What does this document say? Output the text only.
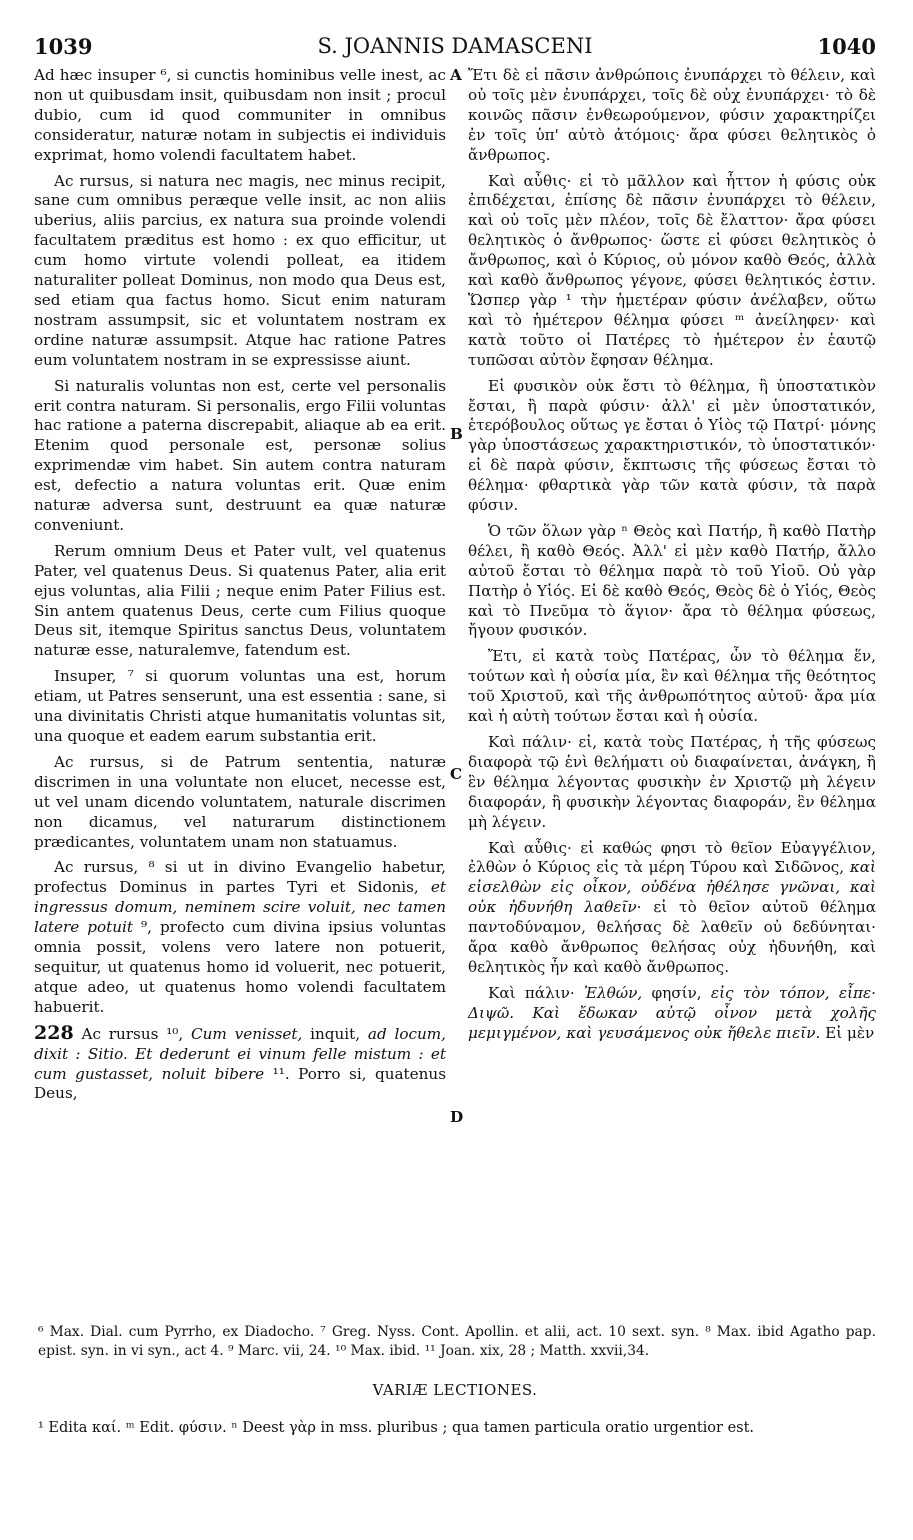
1039	S. JOANNIS DAMASCENI	1040

Ad hæc insuper ⁶, si cunctis hominibus velle inest, ac non ut quibusdam insit, quibusdam non insit ; procul dubio, cum id quod communiter in omnibus consideratur, naturæ notam in subjectis ei individuis exprimat, homo volendi facultatem habet.

Ac rursus, si natura nec magis, nec minus recipit, sane cum omnibus peræque velle insit, ac non aliis uberius, aliis parcius, ex natura sua proinde volendi facultatem præditus est homo : ex quo efficitur, ut cum homo virtute volendi polleat, ea itidem naturaliter polleat Dominus, non modo qua Deus est, sed etiam qua factus homo. Sicut enim naturam nostram assumpsit, sic et voluntatem nostram ex ordine naturæ assumpsit. Atque hac ratione Patres eum voluntatem nostram in se expressisse aiunt.

Si naturalis voluntas non est, certe vel personalis erit contra naturam. Si personalis, ergo Filii voluntas hac ratione a paterna discrepabit, aliaque ab ea erit. Etenim quod personale est, personæ solius exprimendæ vim habet. Sin autem contra naturam est, defectio a natura voluntas erit. Quæ enim naturæ adversa sunt, destruunt ea quæ naturæ conveniunt.

Rerum omnium Deus et Pater vult, vel quatenus Pater, vel quatenus Deus. Si quatenus Pater, alia erit ejus voluntas, alia Filii ; neque enim Pater Filius est. Sin antem quatenus Deus, certe cum Filius quoque Deus sit, itemque Spiritus sanctus Deus, voluntatem naturæ esse, naturalemve, fatendum est.

Insuper, ⁷ si quorum voluntas una est, horum etiam, ut Patres senserunt, una est essentia : sane, si una divinitatis Christi atque humanitatis voluntas sit, una quoque et eadem earum substantia erit.

Ac rursus, si de Patrum sententia, naturæ discrimen in una voluntate non elucet, necesse est, ut vel unam dicendo voluntatem, naturale discrimen non dicamus, vel naturarum distinctionem prædicantes, voluntatem unam non statuamus.

Ac rursus, ⁸ si ut in divino Evangelio habetur, profectus Dominus in partes Tyri et Sidonis, et ingressus domum, neminem scire voluit, nec tamen latere potuit ⁹, profecto cum divina ipsius voluntas omnia possit, volens vero latere non potuerit, sequitur, ut quatenus homo id voluerit, nec potuerit, atque adeo, ut quatenus homo volendi facultatem habuerit.

228 Ac rursus ¹⁰, Cum venisset, inquit, ad locum, dixit : Sitio. Et dederunt ei vinum felle mistum : et cum gustasset, noluit bibere ¹¹. Porro si, quatenus Deus,

A
B
C
D

Ἔτι δὲ εἰ πᾶσιν ἀνθρώποις ἐνυπάρχει τὸ θέλειν, καὶ οὐ τοῖς μὲν ἐνυπάρχει, τοῖς δὲ οὐχ ἐνυπάρχει· τὸ δὲ κοινῶς πᾶσιν ἐνθεωρούμενον, φύσιν χαρακτηρίζει ἐν τοῖς ὑπ' αὐτὸ ἀτόμοις· ἄρα φύσει θελητικὸς ὁ ἄνθρωπος.

Καὶ αὖθις· εἰ τὸ μᾶλλον καὶ ἧττον ἡ φύσις οὐκ ἐπιδέχεται, ἐπίσης δὲ πᾶσιν ἐνυπάρχει τὸ θέλειν, καὶ οὐ τοῖς μὲν πλέον, τοῖς δὲ ἔλαττον· ἄρα φύσει θελητικὸς ὁ ἄνθρωπος· ὥστε εἰ φύσει θελητικὸς ὁ ἄνθρωπος, καὶ ὁ Κύριος, οὐ μόνον καθὸ Θεός, ἀλλὰ καὶ καθὸ ἄνθρωπος γέγονε, φύσει θελητικός ἐστιν. Ὥσπερ γὰρ ¹ τὴν ἡμετέραν φύσιν ἀνέλαβεν, οὕτω καὶ τὸ ἡμέτερον θέλημα φύσει ᵐ ἀνείληφεν· καὶ κατὰ τοῦτο οἱ Πατέρες τὸ ἡμέτερον ἐν ἑαυτῷ τυπῶσαι αὐτὸν ἔφησαν θέλημα.

Εἰ φυσικὸν οὐκ ἔστι τὸ θέλημα, ἢ ὑποστατικὸν ἔσται, ἢ παρὰ φύσιν· ἀλλ' εἰ μὲν ὑποστατικόν, ἑτερόβουλος οὕτως γε ἔσται ὁ Υἱὸς τῷ Πατρί· μόνης γὰρ ὑποστάσεως χαρακτηριστικόν, τὸ ὑποστατικόν· εἰ δὲ παρὰ φύσιν, ἔκπτωσις τῆς φύσεως ἔσται τὸ θέλημα· φθαρτικὰ γὰρ τῶν κατὰ φύσιν, τὰ παρὰ φύσιν.

Ὁ τῶν ὅλων γὰρ ⁿ Θεὸς καὶ Πατήρ, ἢ καθὸ Πατὴρ θέλει, ἢ καθὸ Θεός. Ἀλλ' εἰ μὲν καθὸ Πατήρ, ἄλλο αὐτοῦ ἔσται τὸ θέλημα παρὰ τὸ τοῦ Υἱοῦ. Οὐ γὰρ Πατὴρ ὁ Υἱός. Εἰ δὲ καθὸ Θεός, Θεὸς δὲ ὁ Υἱός, Θεὸς καὶ τὸ Πνεῦμα τὸ ἅγιον· ἄρα τὸ θέλημα φύσεως, ἤγουν φυσικόν.

Ἔτι, εἰ κατὰ τοὺς Πατέρας, ὧν τὸ θέλημα ἕν, τούτων καὶ ἡ οὐσία μία, ἓν καὶ θέλημα τῆς θεότητος τοῦ Χριστοῦ, καὶ τῆς ἀνθρωπότητος αὐτοῦ· ἄρα μία καὶ ἡ αὐτὴ τούτων ἔσται καὶ ἡ οὐσία.

Καὶ πάλιν· εἰ, κατὰ τοὺς Πατέρας, ἡ τῆς φύσεως διαφορὰ τῷ ἑνὶ θελήματι οὐ διαφαίνεται, ἀνάγκη, ἢ ἓν θέλημα λέγοντας φυσικὴν ἐν Χριστῷ μὴ λέγειν διαφοράν, ἢ φυσικὴν λέγοντας διαφοράν, ἓν θέλημα μὴ λέγειν.

Καὶ αὖθις· εἰ καθώς φησι τὸ θεῖον Εὐαγγέλιον, ἐλθὼν ὁ Κύριος εἰς τὰ μέρη Τύρου καὶ Σιδῶνος, καὶ εἰσελθὼν εἰς οἶκον, οὐδένα ἠθέλησε γνῶναι, καὶ οὐκ ἠδυνήθη λαθεῖν· εἰ τὸ θεῖον αὐτοῦ θέλημα παντοδύναμον, θελήσας δὲ λαθεῖν οὐ δεδύνηται· ἄρα καθὸ ἄνθρωπος θελήσας οὐχ ἠδυνήθη, καὶ θελητικὸς ἦν καὶ καθὸ ἄνθρωπος.

Καὶ πάλιν· Ἐλθών, φησίν, εἰς τὸν τόπον, εἶπε· Διψῶ. Καὶ ἔδωκαν αὐτῷ οἶνον μετὰ χολῆς μεμιγμένον, καὶ γευσάμενος οὐκ ἤθελε πιεῖν. Εἰ μὲν

⁶ Max. Dial. cum Pyrrho, ex Diadocho. ⁷ Greg. Nyss. Cont. Apollin. et alii, act. 10 sext. syn. ⁸ Max. ibid Agatho pap. epist. syn. in vi syn., act 4. ⁹ Marc. vii, 24. ¹⁰ Max. ibid. ¹¹ Joan. xix, 28 ; Matth. xxvii,34.

VARIÆ LECTIONES.

¹ Edita καί. ᵐ Edit. φύσιν. ⁿ Deest γὰρ in mss. pluribus ; qua tamen particula oratio urgentior est.
